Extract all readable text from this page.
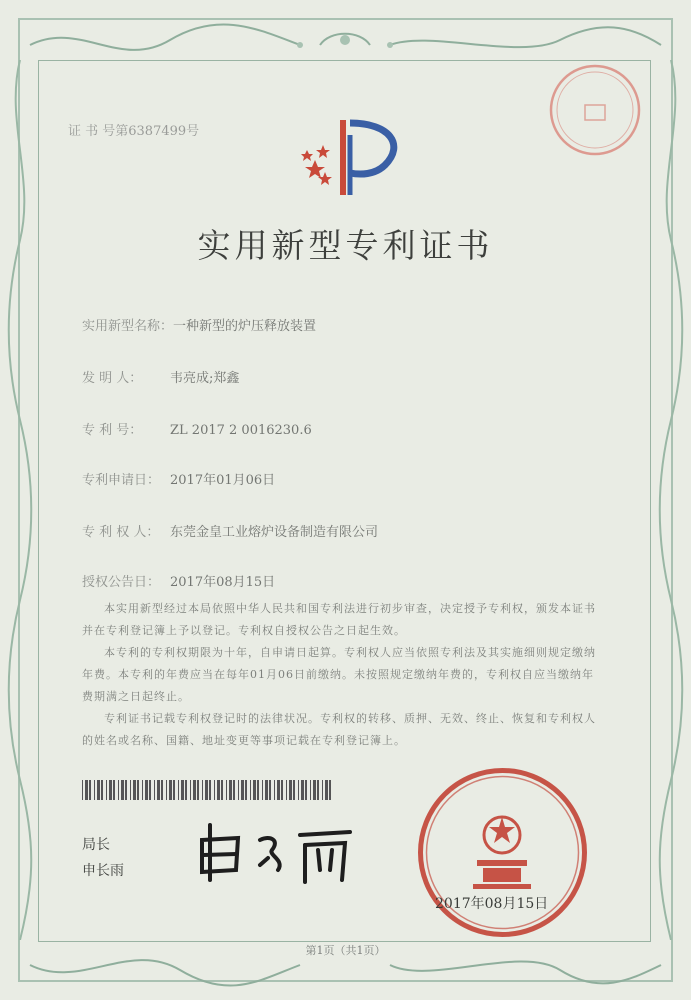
证 书 号第6387499号
实用新型专利证书
实用新型名称：一种新型的炉压释放装置
发 明 人： 韦亮成;郑鑫
专 利 号： ZL 2017 2 0016230.6
专利申请日： 2017年01月06日
专 利 权 人： 东莞金皇工业熔炉设备制造有限公司
授权公告日： 2017年08月15日

本实用新型经过本局依照中华人民共和国专利法进行初步审查，决定授予专利权，颁发本证书并在专利登记簿上予以登记。专利权自授权公告之日起生效。

本专利的专利权期限为十年，自申请日起算。专利权人应当依照专利法及其实施细则规定缴纳年费。本专利的年费应当在每年01月06日前缴纳。未按照规定缴纳年费的，专利权自应当缴纳年费期满之日起终止。

专利证书记载专利权登记时的法律状况。专利权的转移、质押、无效、终止、恢复和专利权人的姓名或名称、国籍、地址变更等事项记载在专利登记簿上。

局长
申长雨
2017年08月15日
第1页（共1页）
